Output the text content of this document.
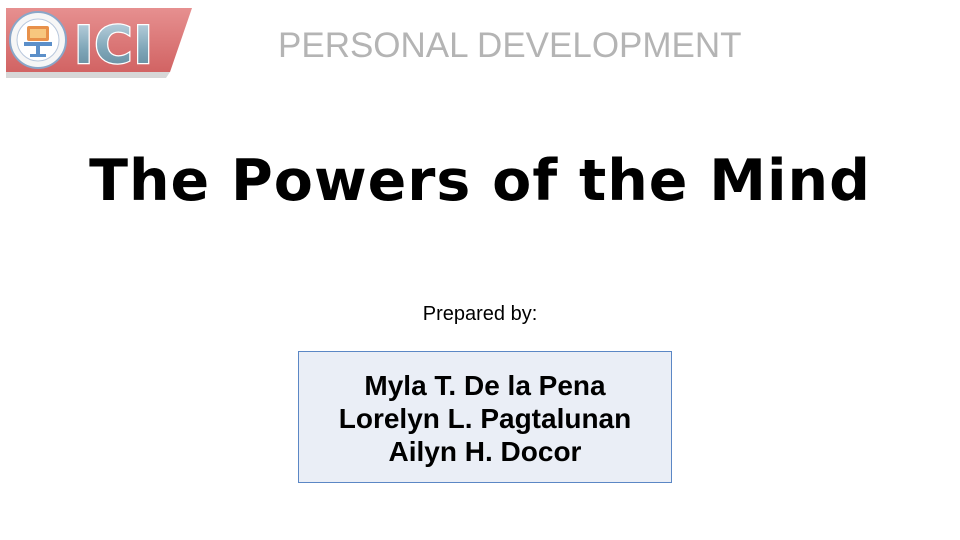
ICI	PERSONAL DEVELOPMENT
The Powers of the Mind
Prepared by:
Myla T. De la Pena
Lorelyn L. Pagtalunan
Ailyn H. Docor
